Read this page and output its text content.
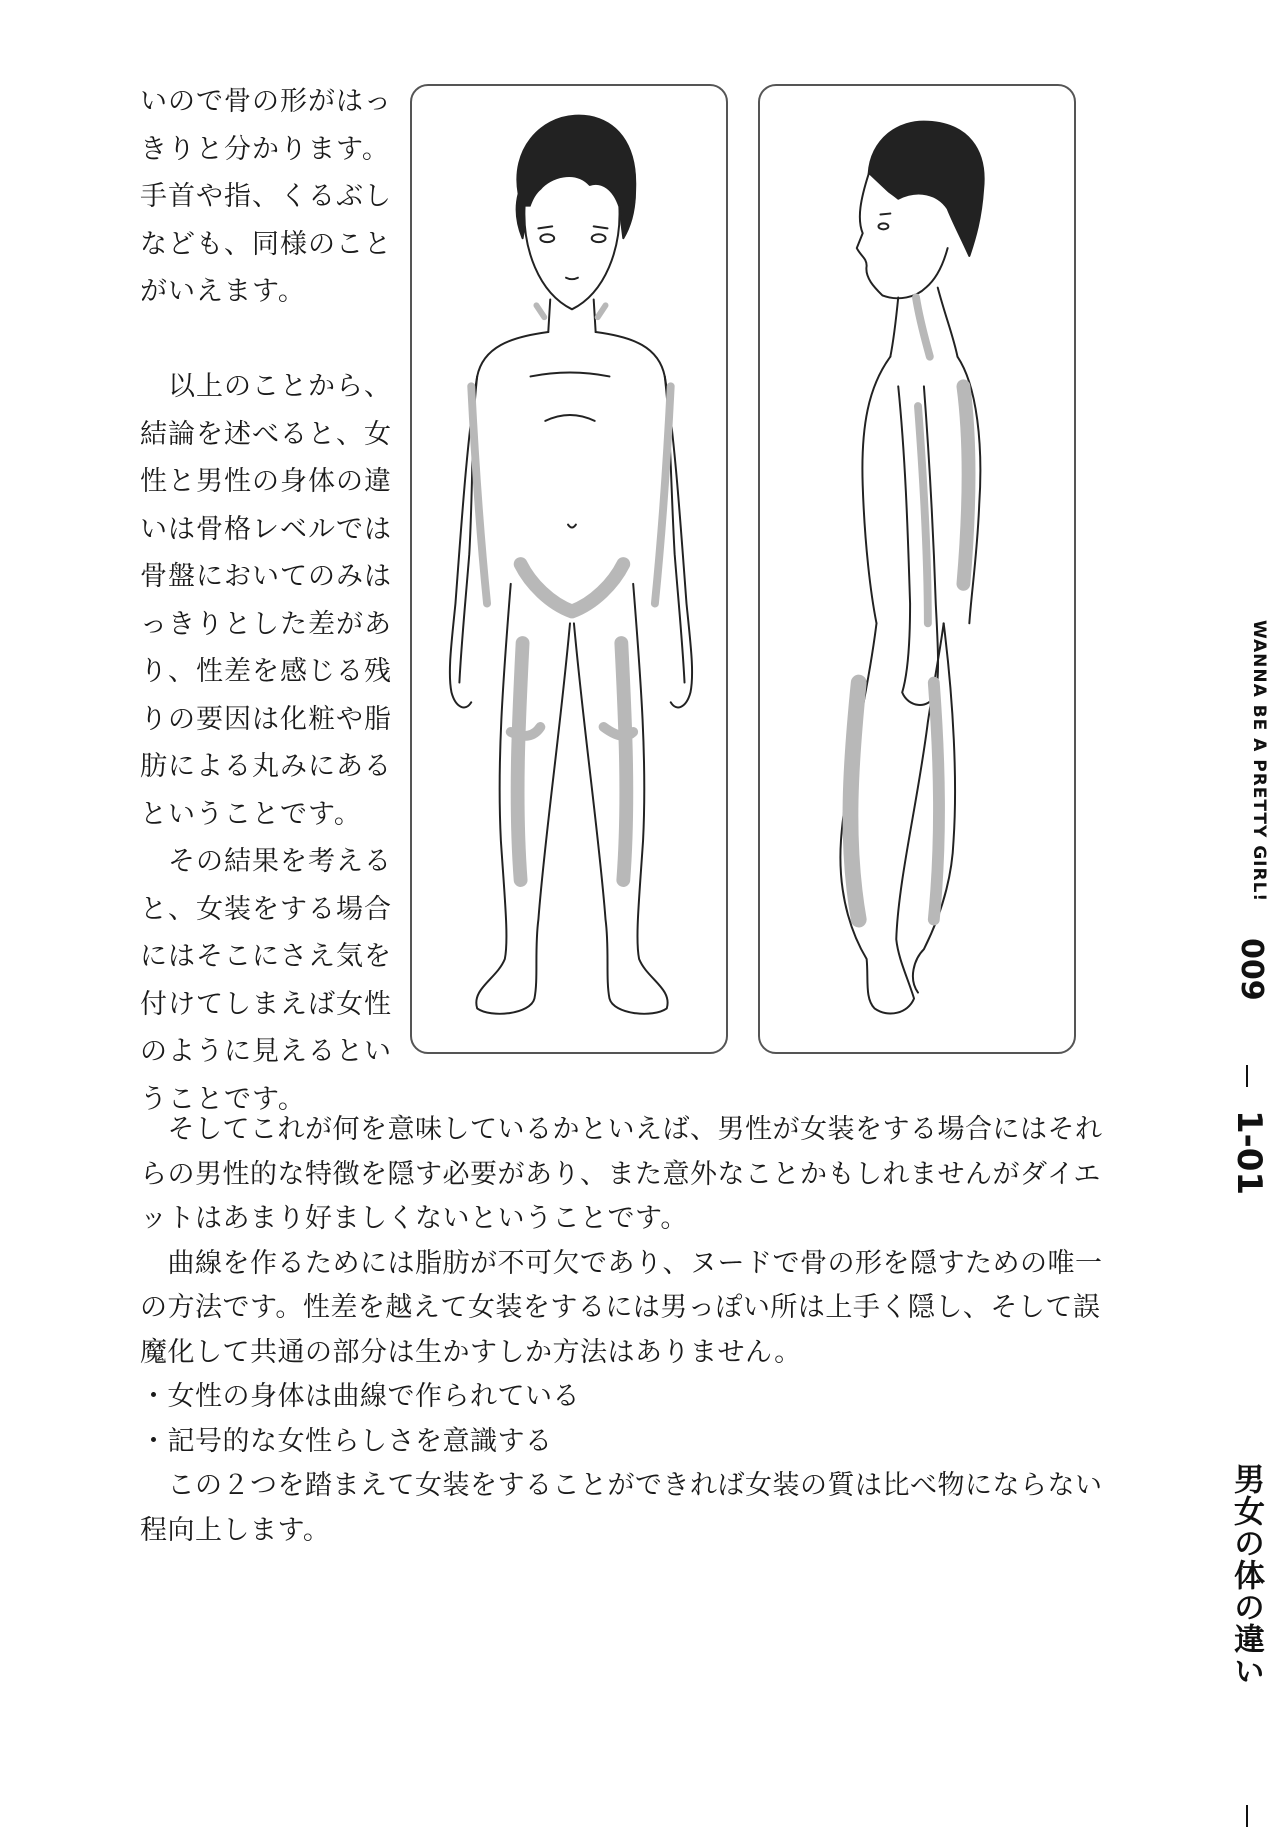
いので骨の形がはっ

きりと分かります。

手首や指、くるぶし

なども、同様のこと

がいえます。

　以上のことから、

結論を述べると、女

性と男性の身体の違

いは骨格レベルでは

骨盤においてのみは

っきりとした差があ

り、性差を感じる残

りの要因は化粧や脂

肪による丸みにある

ということです。

　その結果を考える

と、女装をする場合

にはそこにさえ気を

付けてしまえば女性

のように見えるとい

うことです。

　そしてこれが何を意味しているかといえば、男性が女装をする場合にはそれ

らの男性的な特徴を隠す必要があり、また意外なことかもしれませんがダイエ

ットはあまり好ましくないということです。

　曲線を作るためには脂肪が不可欠であり、ヌードで骨の形を隠すための唯一

の方法です。性差を越えて女装をするには男っぽい所は上手く隠し、そして誤

魔化して共通の部分は生かすしか方法はありません。

・女性の身体は曲線で作られている

・記号的な女性らしさを意識する

　この２つを踏まえて女装をすることができれば女装の質は比べ物にならない

程向上します。

WANNA BE A PRETTY GIRL!
009
1-01
男女の体の違い
